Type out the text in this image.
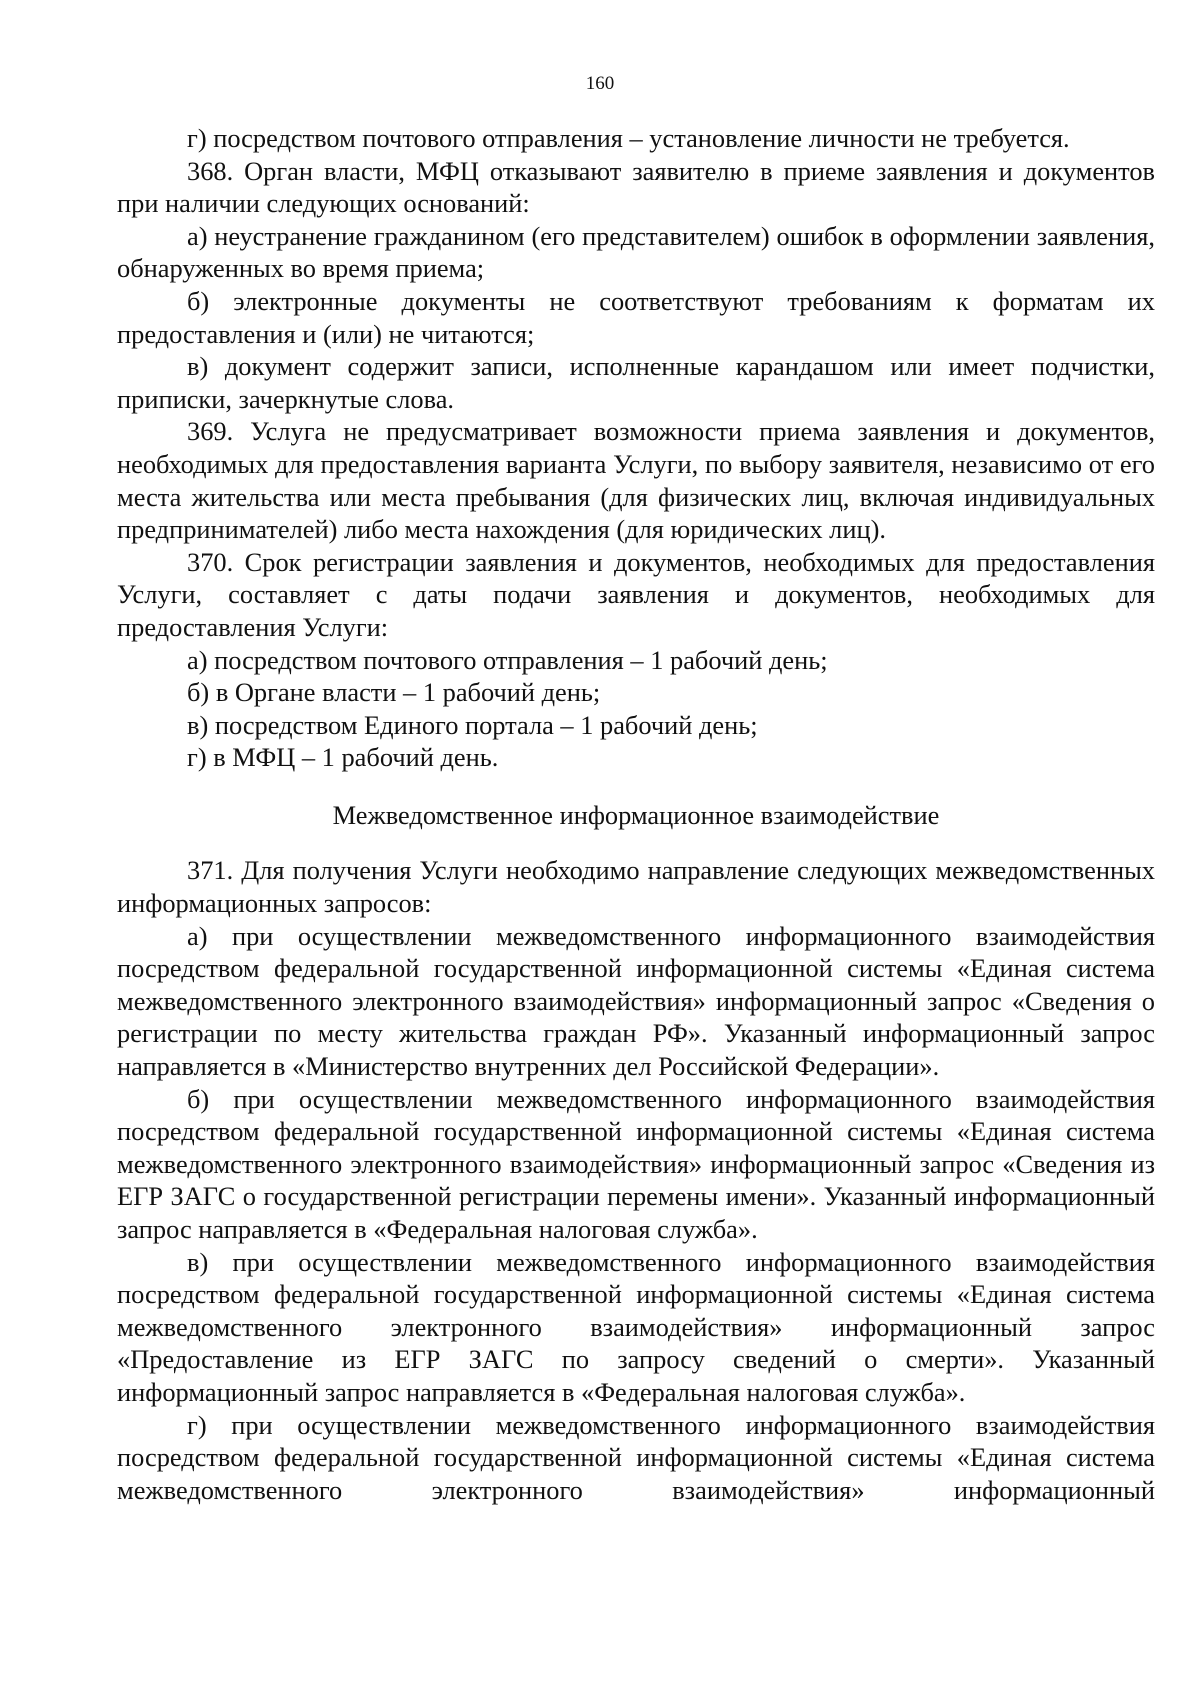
160

г) посредством почтового отправления – установление личности не требуется.

368. Орган власти, МФЦ отказывают заявителю в приеме заявления и документов при наличии следующих оснований:

а) неустранение гражданином (его представителем) ошибок в оформлении заявления, обнаруженных во время приема;

б) электронные документы не соответствуют требованиям к форматам их предоставления и (или) не читаются;

в) документ содержит записи, исполненные карандашом или имеет подчистки, приписки, зачеркнутые слова.

369. Услуга не предусматривает возможности приема заявления и документов, необходимых для предоставления варианта Услуги, по выбору заявителя, независимо от его места жительства или места пребывания (для физических лиц, включая индивидуальных предпринимателей) либо места нахождения (для юридических лиц).

370. Срок регистрации заявления и документов, необходимых для предоставления Услуги, составляет с даты подачи заявления и документов, необходимых для предоставления Услуги:

а) посредством почтового отправления – 1 рабочий день;

б) в Органе власти – 1 рабочий день;

в) посредством Единого портала – 1 рабочий день;

г) в МФЦ – 1 рабочий день.

Межведомственное информационное взаимодействие

371. Для получения Услуги необходимо направление следующих межведомственных информационных запросов:

а) при осуществлении межведомственного информационного взаимодействия посредством федеральной государственной информационной системы «Единая система межведомственного электронного взаимодействия» информационный запрос «Сведения о регистрации по месту жительства граждан РФ». Указанный информационный запрос направляется в «Министерство внутренних дел Российской Федерации».

б) при осуществлении межведомственного информационного взаимодействия посредством федеральной государственной информационной системы «Единая система межведомственного электронного взаимодействия» информационный запрос «Сведения из ЕГР ЗАГС о государственной регистрации перемены имени». Указанный информационный запрос направляется в «Федеральная налоговая служба».

в) при осуществлении межведомственного информационного взаимодействия посредством федеральной государственной информационной системы «Единая система межведомственного электронного взаимодействия» информационный запрос «Предоставление из ЕГР ЗАГС по запросу сведений о смерти». Указанный информационный запрос направляется в «Федеральная налоговая служба».

г) при осуществлении межведомственного информационного взаимодействия посредством федеральной государственной информационной системы «Единая система межведомственного электронного взаимодействия» информационный
